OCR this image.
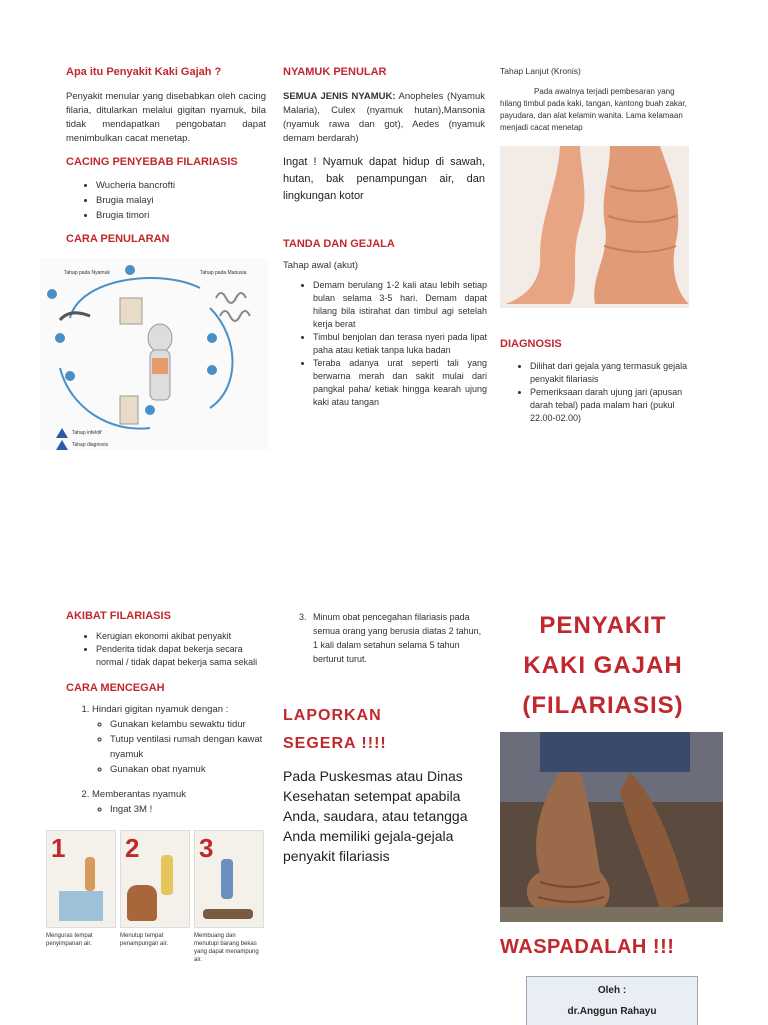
Apa itu Penyakit Kaki Gajah ?
Penyakit menular yang disebabkan oleh cacing filaria, ditularkan melalui gigitan nyamuk, bila tidak mendapatkan pengobatan dapat menimbulkan cacat menetap.
CACING PENYEBAB FILARIASIS
• Wucheria bancrofti
• Brugia malayi
• Brugia timori
CARA PENULARAN
Tahap pada Nyamuk	Tahap pada Manusia
Tahap infektif
Tahap diagnosis
NYAMUK PENULAR
SEMUA JENIS NYAMUK: Anopheles (Nyamuk Malaria), Culex (nyamuk hutan),Mansonia (nyamuk rawa dan got), Aedes (nyamuk demam berdarah)
Ingat ! Nyamuk dapat hidup di sawah, hutan, bak penampungan air, dan lingkungan kotor
TANDA DAN GEJALA
Tahap awal (akut)
• Demam berulang 1-2 kali atau lebih setiap bulan selama 3-5 hari. Demam dapat hilang bila istirahat dan timbul agi setelah kerja berat
• Timbul benjolan dan terasa nyeri pada lipat paha atau ketiak tanpa luka badan
• Teraba adanya urat seperti tali yang berwarna merah dan sakit mulai dari pangkal paha/ ketiak hingga kearah ujung kaki atau tangan
Tahap Lanjut (Kronis)
Pada awalnya terjadi pembesaran yang hilang timbul pada kaki, tangan, kantong buah zakar, payudara, dan alat kelamin wanita. Lama kelamaan menjadi cacat menetap
DIAGNOSIS
• Dilihat dari gejala yang termasuk gejala penyakit filariasis
• Pemeriksaan darah ujung jari (apusan darah tebal) pada malam hari (pukul 22.00-02.00)
AKIBAT FILARIASIS
• Kerugian ekonomi akibat penyakit
• Penderita tidak dapat bekerja secara normal / tidak dapat bekerja sama sekali
CARA MENCEGAH
1. Hindari gigitan nyamuk dengan :
◦ Gunakan kelambu sewaktu tidur
◦ Tutup ventilasi rumah dengan kawat nyamuk
◦ Gunakan obat nyamuk
2. Memberantas nyamuk
◦ Ingat 3M !
1 2 3
Menguras tempat penyimpanan air.
Menutup tempat penampungan air.
Membuang dan menutupi barang bekas yang dapat menampung air.
3. Minum obat pencegahan filariasis pada semua orang yang berusia diatas 2 tahun, 1 kali dalam setahun selama 5 tahun berturut turut.
LAPORKAN
SEGERA !!!!
Pada Puskesmas atau Dinas Kesehatan setempat apabila Anda, saudara, atau tetangga Anda memiliki gejala-gejala penyakit filariasis
PENYAKIT
KAKI GAJAH
(FILARIASIS)
WASPADALAH !!!
Oleh :
dr.Anggun Rahayu
